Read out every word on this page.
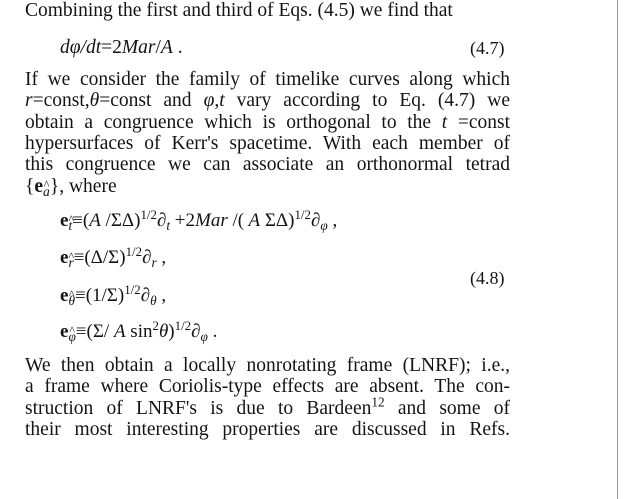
Combining the first and third of Eqs. (4.5) we find that
dφ/dt=2Mar/A .	(4.7)
If we consider the family of timelike curves along which
r=const,θ=const and φ,t vary according to Eq. (4.7) we
obtain a congruence which is orthogonal to the t =const
hypersurfaces of Kerr's spacetime. With each member of
this congruence we can associate an orthonormal tetrad
$\{e_a\}$, where
$e_t\equiv(A$ $/\Sigma\Delta)^{1/2}\partial_t +2Mar$ /( A $\Sigma\Delta)^{1/2}\partial_\varphi$ ,
$e_r\equiv(\Delta/\Sigma)^{1/2}\partial_r$ ,
$e_\theta\equiv(1/\Sigma)^{1/2}\partial_\theta$ ,
$e_\varphi\equiv(\Sigma/$ A $\sin^2\theta)^{1/2}\partial_\varphi$ .
(4.8)
We then obtain a locally nonrotating frame (LNRF); i.e.,
a frame where Coriolis-type effects are absent. The con-
struction of LNRF's is due to Bardeen$^{12}$ and some of
their most interesting properties are discussed in Refs.
